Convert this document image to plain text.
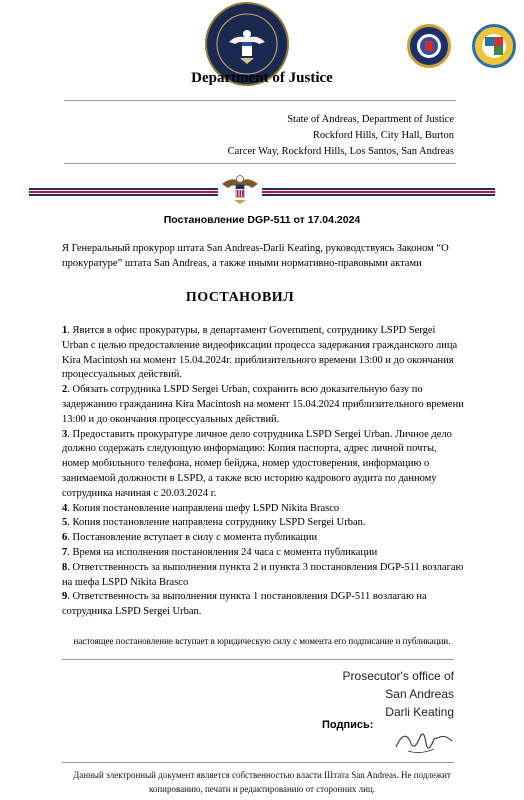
Department of Justice
State of Andreas, Department of Justice
Rockford Hills, City Hall, Burton
Carcer Way, Rockford Hills, Los Santos, San Andreas
Постановление DGP-511 от 17.04.2024
Я Генеральный прокурор штата San Andreas-Darli Keating, руководствуясь Законом “О прокуратуре” штата San Andreas, а также иными нормативно-правовыми актами
ПОСТАНОВИЛ

1. Явится в офис прокуратуры, в департамент Government, сотруднику LSPD Sergei Urban с целью предоставление видеофиксации процесса задержания гражданского лица Kira Macintosh на момент 15.04.2024г. приблизительного времени 13:00 и до окончания процессуальных действий.

2. Обязать сотрудника LSPD Sergei Urban, сохранить всю доказательную базу по задержанию гражданина Kira Macintosh на момент 15.04.2024 приблизительного времени 13:00 и до окончания процессуальных действий.

3. Предоставить прокуратуре личное дело сотрудника LSPD Sergei Urban. Личное дело должно содержать следующую информацию: Копия паспорта, адрес личной почты, номер мобильного телефона, номер бейджа, номер удостоверения, информацию о занимаемой должности в LSPD, а также всю историю кадрового аудита по данному сотрудника начиная с 20.03.2024 г.

4. Копия постановление направлена шефу LSPD Nikita Brasco

5. Копия постановление направлена сотруднику LSPD Sergei Urban.

6. Постановление вступает в силу с момента публикации

7. Время на исполнения постановления 24 часа с момента публикации

8. Ответственность за выполнения пункта 2 и пункта 3 постановления DGP-511 возлагаю на шефа LSPD Nikita Brasco

9. Ответственность за выполнения пункта 1 постановления DGP-511 возлагаю на сотрудника LSPD Sergei Urban.

настоящее постановление вступает в юридическую силу с момента его подписание и публикации.
Prosecutor's office of
San Andreas
Darli Keating
Подпись:
Данный электронный документ является собственностью власти Штата San Andreas. Не подлежит
копированию, печати и редактированию от сторонних лиц.
